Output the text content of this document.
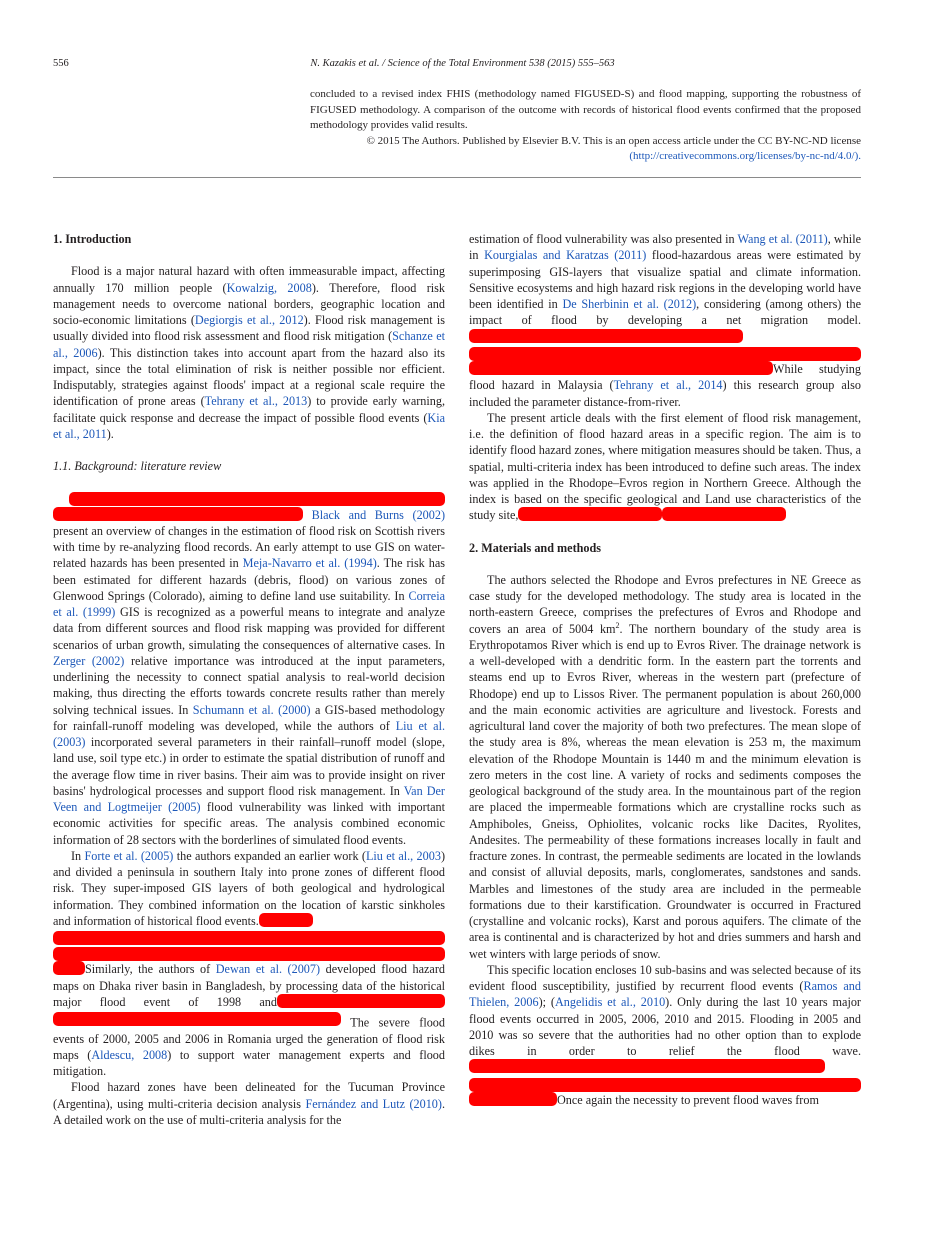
556	N. Kazakis et al. / Science of the Total Environment 538 (2015) 555–563

concluded to a revised index FHIS (methodology named FIGUSED-S) and flood mapping, supporting the robustness of FIGUSED methodology. A comparison of the outcome with records of historical flood events confirmed that the proposed methodology provides valid results.

© 2015 The Authors. Published by Elsevier B.V. This is an open access article under the CC BY-NC-ND license
(http://creativecommons.org/licenses/by-nc-nd/4.0/).

1. Introduction

Flood is a major natural hazard with often immeasurable impact, affecting annually 170 million people (Kowalzig, 2008). Therefore, flood risk management needs to overcome national borders, geographic location and socio-economic limitations (Degiorgis et al., 2012). Flood risk management is usually divided into flood risk assessment and flood risk mitigation (Schanze et al., 2006). This distinction takes into account apart from the hazard also its impact, since the total elimination of risk is neither possible nor efficient. Indisputably, strategies against floods' impact at a regional scale require the identification of prone areas (Tehrany et al., 2013) to provide early warning, facilitate quick response and decrease the impact of possible flood events (Kia et al., 2011).

1.1. Background: literature review

Black and Burns (2002) present an overview of changes in the estimation of flood risk on Scottish rivers with time by re-analyzing flood records. An early attempt to use GIS on water-related hazards has been presented in Meja-Navarro et al. (1994). The risk has been estimated for different hazards (debris, flood) on various zones of Glenwood Springs (Colorado), aiming to define land use suitability. In Correia et al. (1999) GIS is recognized as a powerful means to integrate and analyze data from different sources and flood risk mapping was provided for different scenarios of urban growth, simulating the consequences of alternative cases. In Zerger (2002) relative importance was introduced at the input parameters, underlining the necessity to connect spatial analysis to real-world decision making, thus directing the efforts towards concrete results rather than merely solving technical issues. In Schumann et al. (2000) a GIS-based methodology for rainfall-runoff modeling was developed, while the authors of Liu et al. (2003) incorporated several parameters in their rainfall–runoff model (slope, land use, soil type etc.) in order to estimate the spatial distribution of runoff and the average flow time in river basins. Their aim was to provide insight on river basins' hydrological processes and support flood risk management. In Van Der Veen and Logtmeijer (2005) flood vulnerability was linked with important economic activities for specific areas. The analysis combined economic information of 28 sectors with the borderlines of simulated flood events.

In Forte et al. (2005) the authors expanded an earlier work (Liu et al., 2003) and divided a peninsula in southern Italy into prone zones of different flood risk. They super-imposed GIS layers of both geological and hydrological information. They combined information on the location of karstic sinkholes and information of historical flood events.
Similarly, the authors of Dewan et al. (2007) developed flood hazard maps on Dhaka river basin in Bangladesh, by processing data of the historical major flood event of 1998 and The severe flood events of 2000, 2005 and 2006 in Romania urged the generation of flood risk maps (Aldescu, 2008) to support water management experts and flood mitigation.

Flood hazard zones have been delineated for the Tucuman Province (Argentina), using multi-criteria decision analysis Fernández and Lutz (2010). A detailed work on the use of multi-criteria analysis for the

estimation of flood vulnerability was also presented in Wang et al. (2011), while in Kourgialas and Karatzas (2011) flood-hazardous areas were estimated by superimposing GIS-layers that visualize spatial and climate information. Sensitive ecosystems and high hazard risk regions in the developing world have been identified in De Sherbinin et al. (2012), considering (among others) the impact of flood by developing a net migration model.
While studying flood hazard in Malaysia (Tehrany et al., 2014) this research group also included the parameter distance-from-river.

The present article deals with the first element of flood risk management, i.e. the definition of flood hazard areas in a specific region. The aim is to identify flood hazard zones, where mitigation measures should be taken. Thus, a spatial, multi-criteria index has been introduced to define such areas. The index was applied in the Rhodope–Evros region in Northern Greece. Although the index is based on the specific geological and Land use characteristics of the study site,

2. Materials and methods

The authors selected the Rhodope and Evros prefectures in NE Greece as case study for the developed methodology. The study area is located in the north-eastern Greece, comprises the prefectures of Evros and Rhodope and covers an area of 5004 $km^2$. The northern boundary of the study area is Erythropotamos River which is end up to Evros River. The drainage network is a well-developed with a dendritic form. In the eastern part the torrents and steams end up to Evros River, whereas in the western part (prefecture of Rhodope) end up to Lissos River. The permanent population is about 260,000 and the main economic activities are agriculture and livestock. Forests and agricultural land cover the majority of both two prefectures. The mean slope of the study area is 8%, whereas the mean elevation is 253 m, the maximum elevation of the Rhodope Mountain is 1440 m and the minimum elevation is zero meters in the cost line. A variety of rocks and sediments composes the geological background of the study area. In the mountainous part of the region are placed the impermeable formations which are crystalline rocks such as Amphiboles, Gneiss, Ophiolites, volcanic rocks like Dacites, Ryolites, Andesites. The permeability of these formations increases locally in fault and fracture zones. In contrast, the permeable sediments are located in the lowlands and consist of alluvial deposits, marls, conglomerates, sandstones and sands. Marbles and limestones of the study area are included in the permeable formations due to their karstification. Groundwater is occurred in Fractured (crystalline and volcanic rocks), Karst and porous aquifers. The climate of the area is continental and is characterized by hot and dries summers and harsh and wet winters with large periods of snow.

This specific location encloses 10 sub-basins and was selected because of its evident flood susceptibility, justified by recurrent flood events (Ramos and Thielen, 2006); (Angelidis et al., 2010). Only during the last 10 years major flood events occurred in 2005, 2006, 2010 and 2015. Flooding in 2005 and 2010 was so severe that the authorities had no other option than to explode dikes in order to relief the flood wave.
Once again the necessity to prevent flood waves from
